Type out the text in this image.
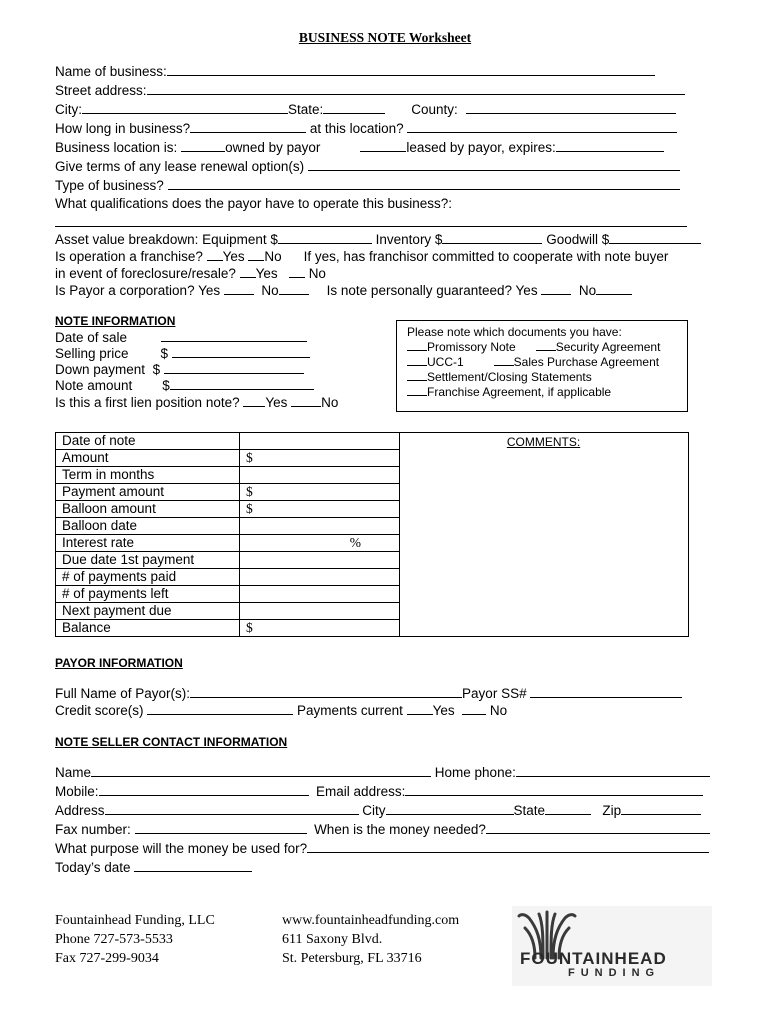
BUSINESS NOTE Worksheet
Name of business:
Street address:
City:	State:	County:
How long in business?	at this location?
Business location is:	owned by payor	leased by payor, expires:
Give terms of any lease renewal option(s)
Type of business?
What qualifications does the payor have to operate this business?:
Asset value breakdown: Equipment $	Inventory $	Goodwill $
Is operation a franchise? Yes No If yes, has franchisor committed to cooperate with note buyer
in event of foreclosure/resale? Yes No
Is Payor a corporation? Yes	No	Is note personally guaranteed? Yes	No
NOTE INFORMATION
Date of sale
Selling price $
Down payment $
Note amount $
Is this a first lien position note? Yes	No
Please note which documents you have:
Promissory Note	Security Agreement
UCC-1	Sales Purchase Agreement
Settlement/Closing Statements
Franchise Agreement, if applicable
Date of note	
Amount	$
Term in months	
Payment amount	$
Balloon amount	$
Balloon date	
Interest rate	%
Due date 1st payment	
# of payments paid	
# of payments left	
Next payment due	
Balance	$
COMMENTS:
PAYOR INFORMATION
Full Name of Payor(s):	Payor SS#
Credit score(s)	Payments current Yes	No
NOTE SELLER CONTACT INFORMATION
Name	Home phone:
Mobile:	Email address:
Address	City	State	Zip
Fax number:	When is the money needed?
What purpose will the money be used for?
Today’s date
Fountainhead Funding, LLC
Phone 727-573-5533
Fax 727-299-9034
www.fountainheadfunding.com
611 Saxony Blvd.
St. Petersburg, FL 33716	FOUNTAINHEAD
FUNDING
